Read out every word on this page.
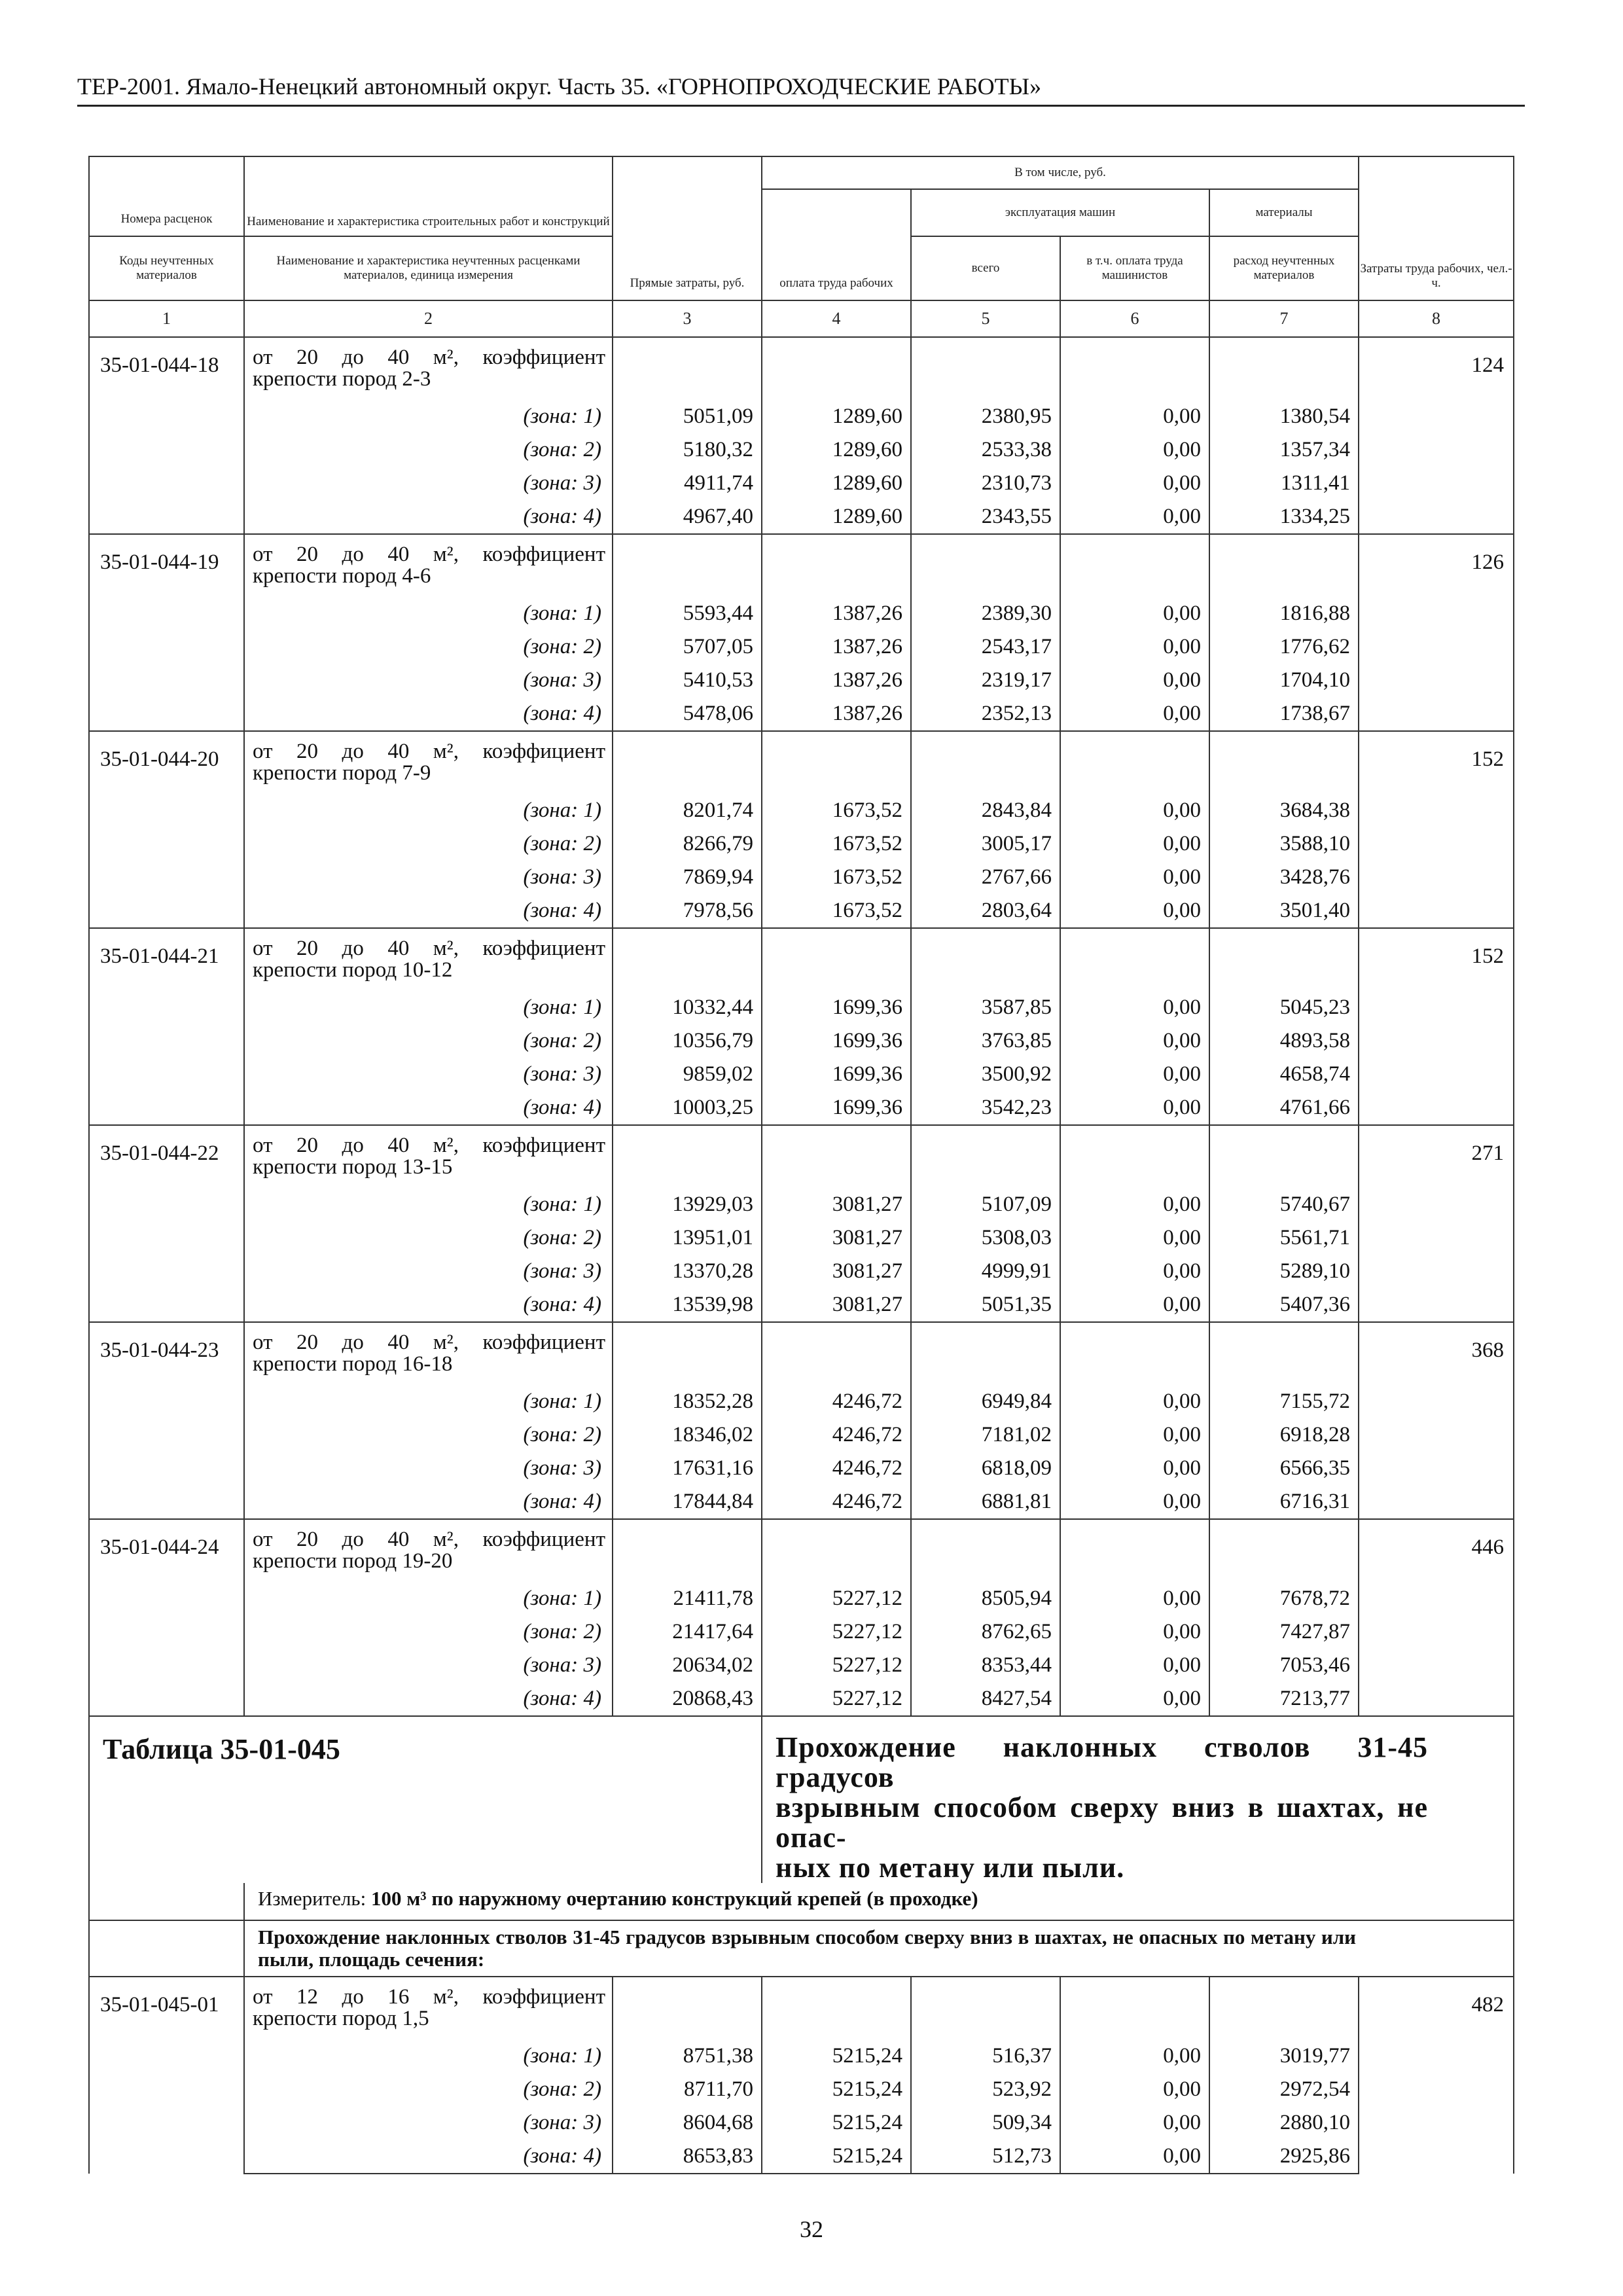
ТЕР-2001. Ямало-Ненецкий автономный округ. Часть 35. «ГОРНОПРОХОДЧЕСКИЕ РАБОТЫ»
Номера расценок	Наименование и характеристика строительных работ и конструкций	Прямые затраты, руб.	В том числе, руб.				Затраты труда рабочих, чел.-ч.
			оплата труда рабочих	эксплуатация машин		материалы	
Коды неучтенных материалов	Наименование и характеристика неучтенных расценками материалов, единица измерения			всего	в т.ч. оплата труда машинистов	расход неучтенных материалов	
1	2	3	4	5	6	7	8
35-01-044-18	от 20 до 40 м², коэффициент
крепости пород 2-3						124
	(зона: 1)	5051,09	1289,60	2380,95	0,00	1380,54	
	(зона: 2)	5180,32	1289,60	2533,38	0,00	1357,34	
	(зона: 3)	4911,74	1289,60	2310,73	0,00	1311,41	
	(зона: 4)	4967,40	1289,60	2343,55	0,00	1334,25	
35-01-044-19	от 20 до 40 м², коэффициент
крепости пород 4-6						126
	(зона: 1)	5593,44	1387,26	2389,30	0,00	1816,88	
	(зона: 2)	5707,05	1387,26	2543,17	0,00	1776,62	
	(зона: 3)	5410,53	1387,26	2319,17	0,00	1704,10	
	(зона: 4)	5478,06	1387,26	2352,13	0,00	1738,67	
35-01-044-20	от 20 до 40 м², коэффициент
крепости пород 7-9						152
	(зона: 1)	8201,74	1673,52	2843,84	0,00	3684,38	
	(зона: 2)	8266,79	1673,52	3005,17	0,00	3588,10	
	(зона: 3)	7869,94	1673,52	2767,66	0,00	3428,76	
	(зона: 4)	7978,56	1673,52	2803,64	0,00	3501,40	
35-01-044-21	от 20 до 40 м², коэффициент
крепости пород 10-12						152
	(зона: 1)	10332,44	1699,36	3587,85	0,00	5045,23	
	(зона: 2)	10356,79	1699,36	3763,85	0,00	4893,58	
	(зона: 3)	9859,02	1699,36	3500,92	0,00	4658,74	
	(зона: 4)	10003,25	1699,36	3542,23	0,00	4761,66	
35-01-044-22	от 20 до 40 м², коэффициент
крепости пород 13-15						271
	(зона: 1)	13929,03	3081,27	5107,09	0,00	5740,67	
	(зона: 2)	13951,01	3081,27	5308,03	0,00	5561,71	
	(зона: 3)	13370,28	3081,27	4999,91	0,00	5289,10	
	(зона: 4)	13539,98	3081,27	5051,35	0,00	5407,36	
35-01-044-23	от 20 до 40 м², коэффициент
крепости пород 16-18						368
	(зона: 1)	18352,28	4246,72	6949,84	0,00	7155,72	
	(зона: 2)	18346,02	4246,72	7181,02	0,00	6918,28	
	(зона: 3)	17631,16	4246,72	6818,09	0,00	6566,35	
	(зона: 4)	17844,84	4246,72	6881,81	0,00	6716,31	
35-01-044-24	от 20 до 40 м², коэффициент
крепости пород 19-20						446
	(зона: 1)	21411,78	5227,12	8505,94	0,00	7678,72	
	(зона: 2)	21417,64	5227,12	8762,65	0,00	7427,87	
	(зона: 3)	20634,02	5227,12	8353,44	0,00	7053,46	
	(зона: 4)	20868,43	5227,12	8427,54	0,00	7213,77	
Таблица 35-01-045			Прохождение наклонных стволов 31-45 градусов
взрывным способом сверху вниз в шахтах, не опас-
ных по метану или пыли.				

	Измеритель: 100 м³ по наружному очертанию конструкций крепей (в проходке)						
	Прохождение наклонных стволов 31-45 градусов взрывным способом сверху вниз в шахтах, не опасных по метану или пыли, площадь сечения:						
35-01-045-01	от 12 до 16 м², коэффициент
крепости пород 1,5						482
	(зона: 1)	8751,38	5215,24	516,37	0,00	3019,77	
	(зона: 2)	8711,70	5215,24	523,92	0,00	2972,54	
	(зона: 3)	8604,68	5215,24	509,34	0,00	2880,10	
	(зона: 4)	8653,83	5215,24	512,73	0,00	2925,86	
32
